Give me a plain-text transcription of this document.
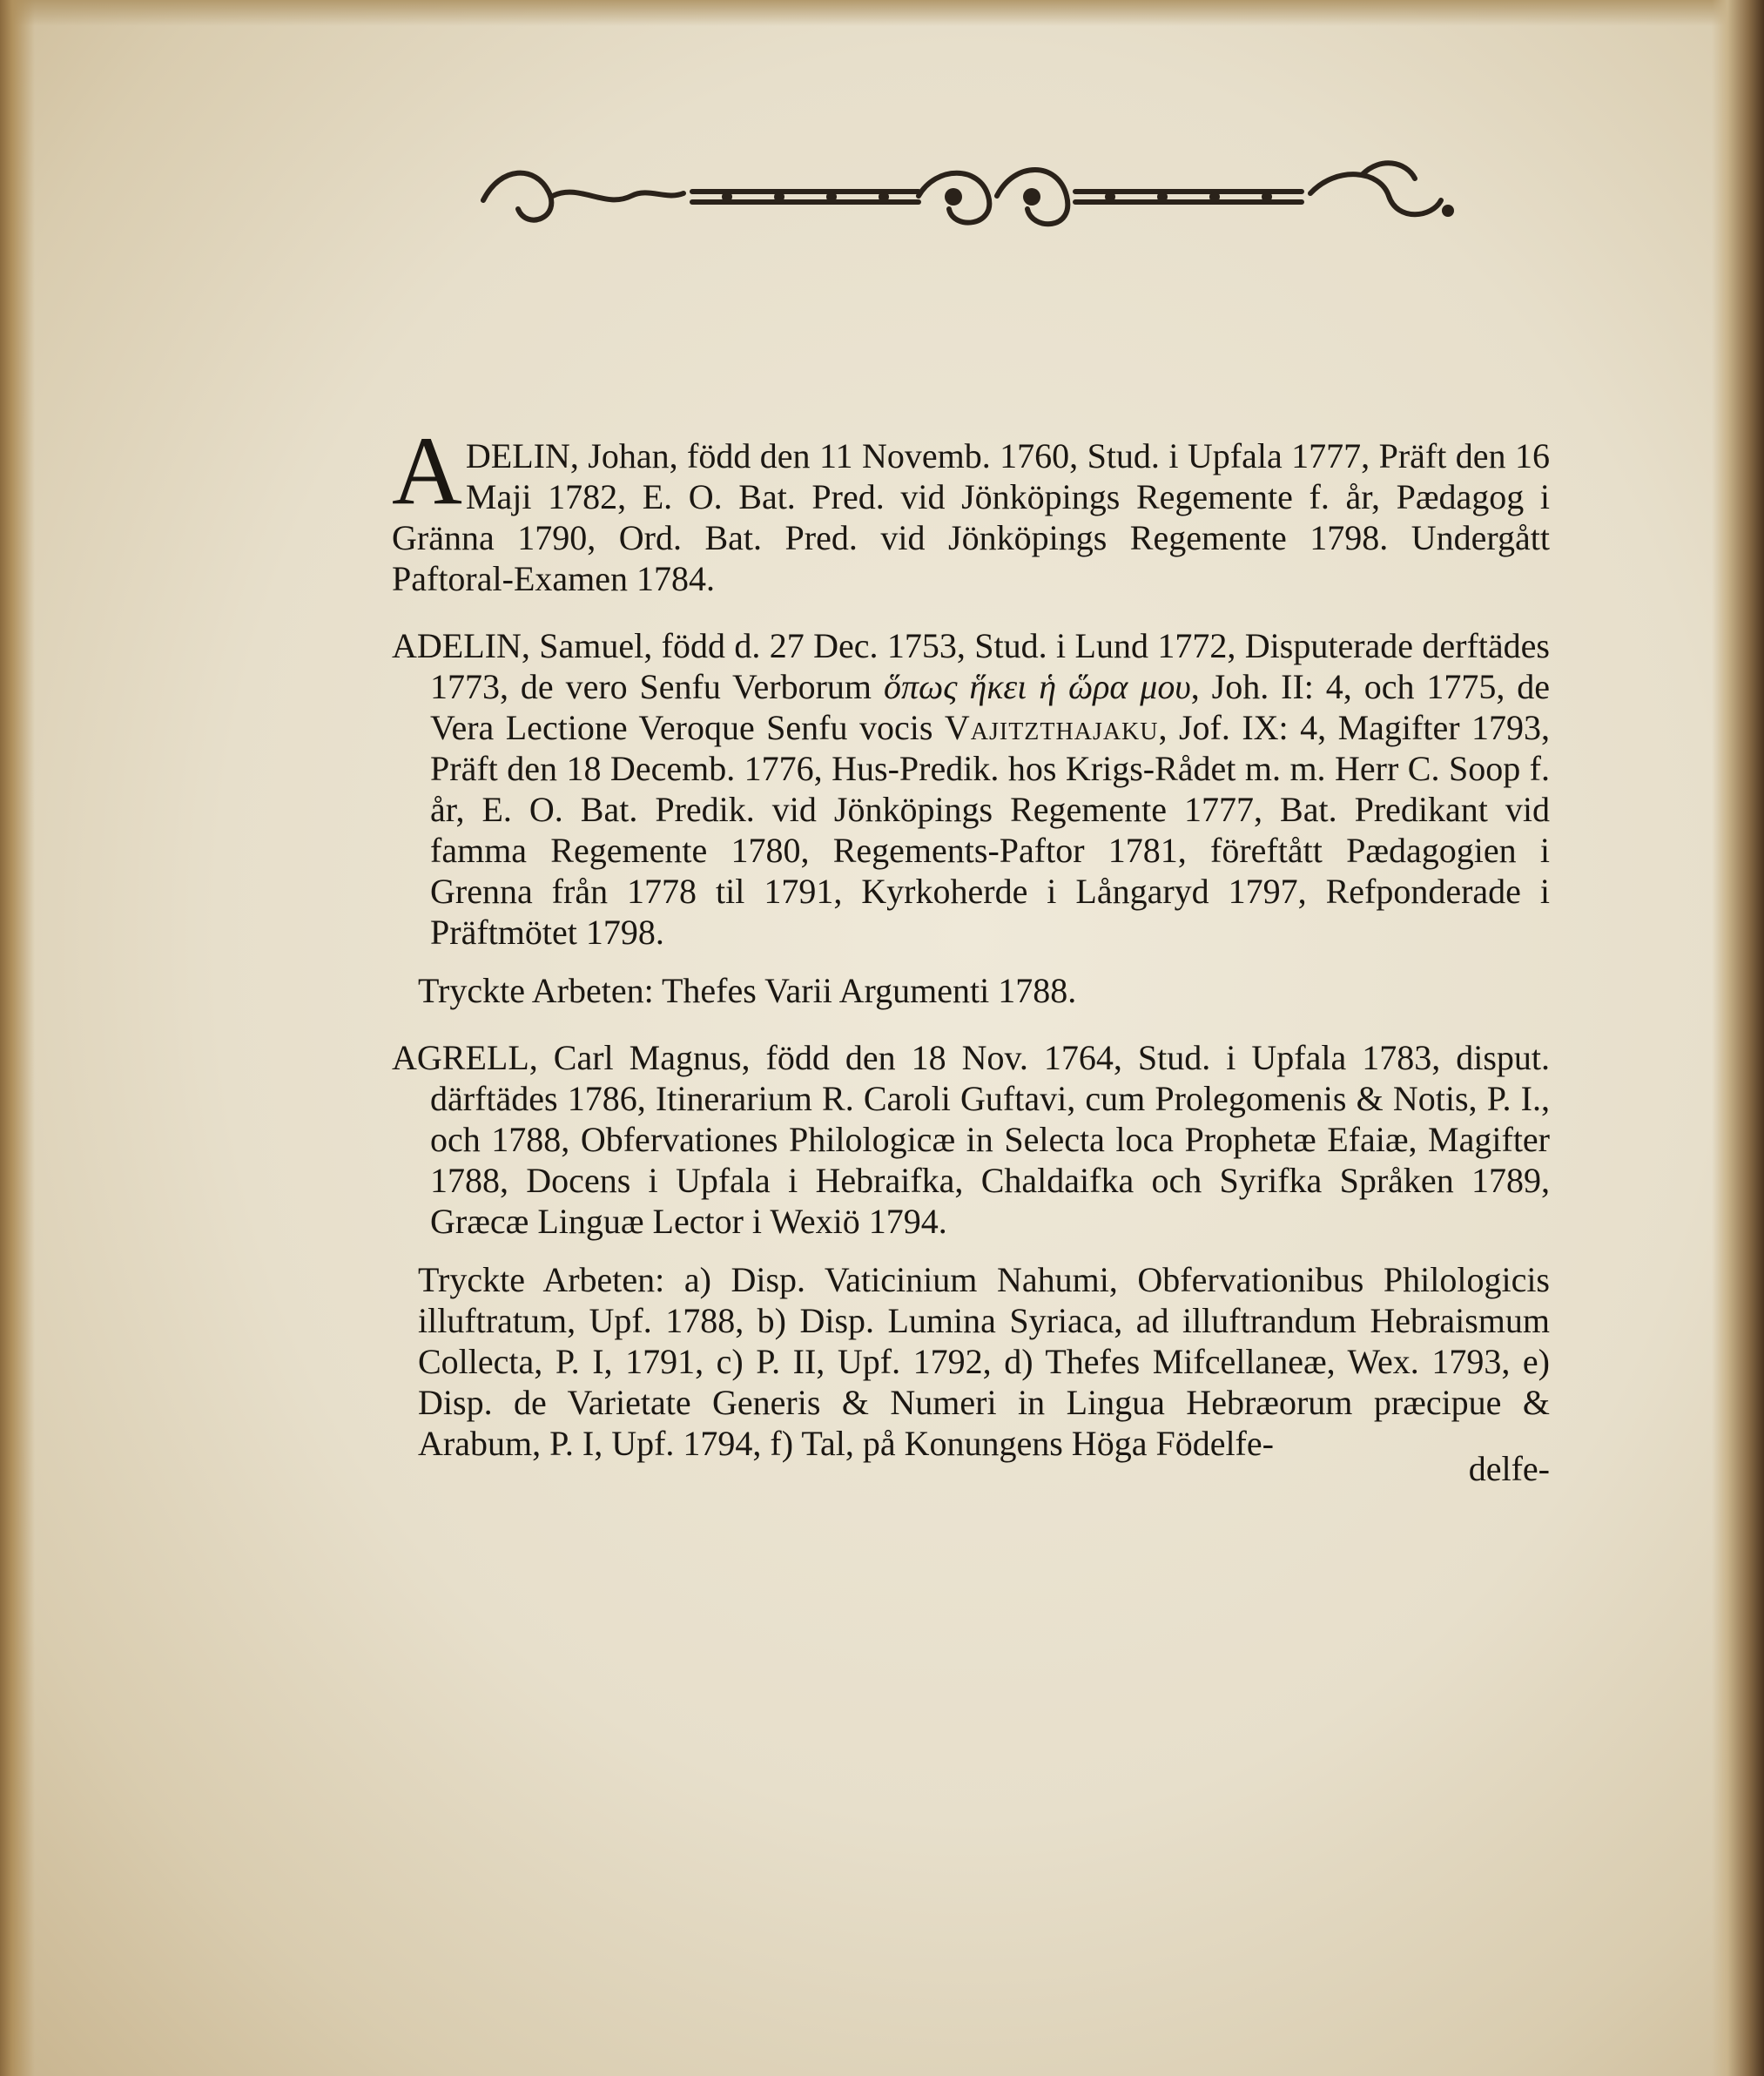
ADELIN, Johan, född den 11 Novemb. 1760, Stud. i Upfala 1777, Präft den 16 Maji 1782, E. O. Bat. Pred. vid Jönköpings Regemente f. år, Pædagog i Gränna 1790, Ord. Bat. Pred. vid Jönköpings Regemente 1798. Undergått Paftoral-Examen 1784.

ADELIN, Samuel, född d. 27 Dec. 1753, Stud. i Lund 1772, Disputerade derftädes 1773, de vero Senfu Verborum ὅπως ἥκει ἡ ὥρα μου, Joh. II: 4, och 1775, de Vera Lectione Veroque Senfu vocis Vajitzthajaku, Jof. IX: 4, Magifter 1793, Präft den 18 Decemb. 1776, Hus-Predik. hos Krigs-Rådet m. m. Herr C. Soop f. år, E. O. Bat. Predik. vid Jönköpings Regemente 1777, Bat. Predikant vid famma Regemente 1780, Regements-Paftor 1781, föreftått Pædagogien i Grenna från 1778 til 1791, Kyrkoherde i Långaryd 1797, Refponderade i Präftmötet 1798.

Tryckte Arbeten: Thefes Varii Argumenti 1788.

AGRELL, Carl Magnus, född den 18 Nov. 1764, Stud. i Upfala 1783, disput. därftädes 1786, Itinerarium R. Caroli Guftavi, cum Prolegomenis & Notis, P. I., och 1788, Obfervationes Philologicæ in Selecta loca Prophetæ Efaiæ, Magifter 1788, Docens i Upfala i Hebraifka, Chaldaifka och Syrifka Språken 1789, Græcæ Linguæ Lector i Wexiö 1794.

Tryckte Arbeten: a) Disp. Vaticinium Nahumi, Obfervationibus Philologicis illuftratum, Upf. 1788, b) Disp. Lumina Syriaca, ad illuftrandum Hebraismum Collecta, P. I, 1791, c) P. II, Upf. 1792, d) Thefes Mifcellaneæ, Wex. 1793, e) Disp. de Varietate Generis & Numeri in Lingua Hebræorum præcipue & Arabum, P. I, Upf. 1794, f) Tal, på Konungens Höga Födelfe-

delfe-
